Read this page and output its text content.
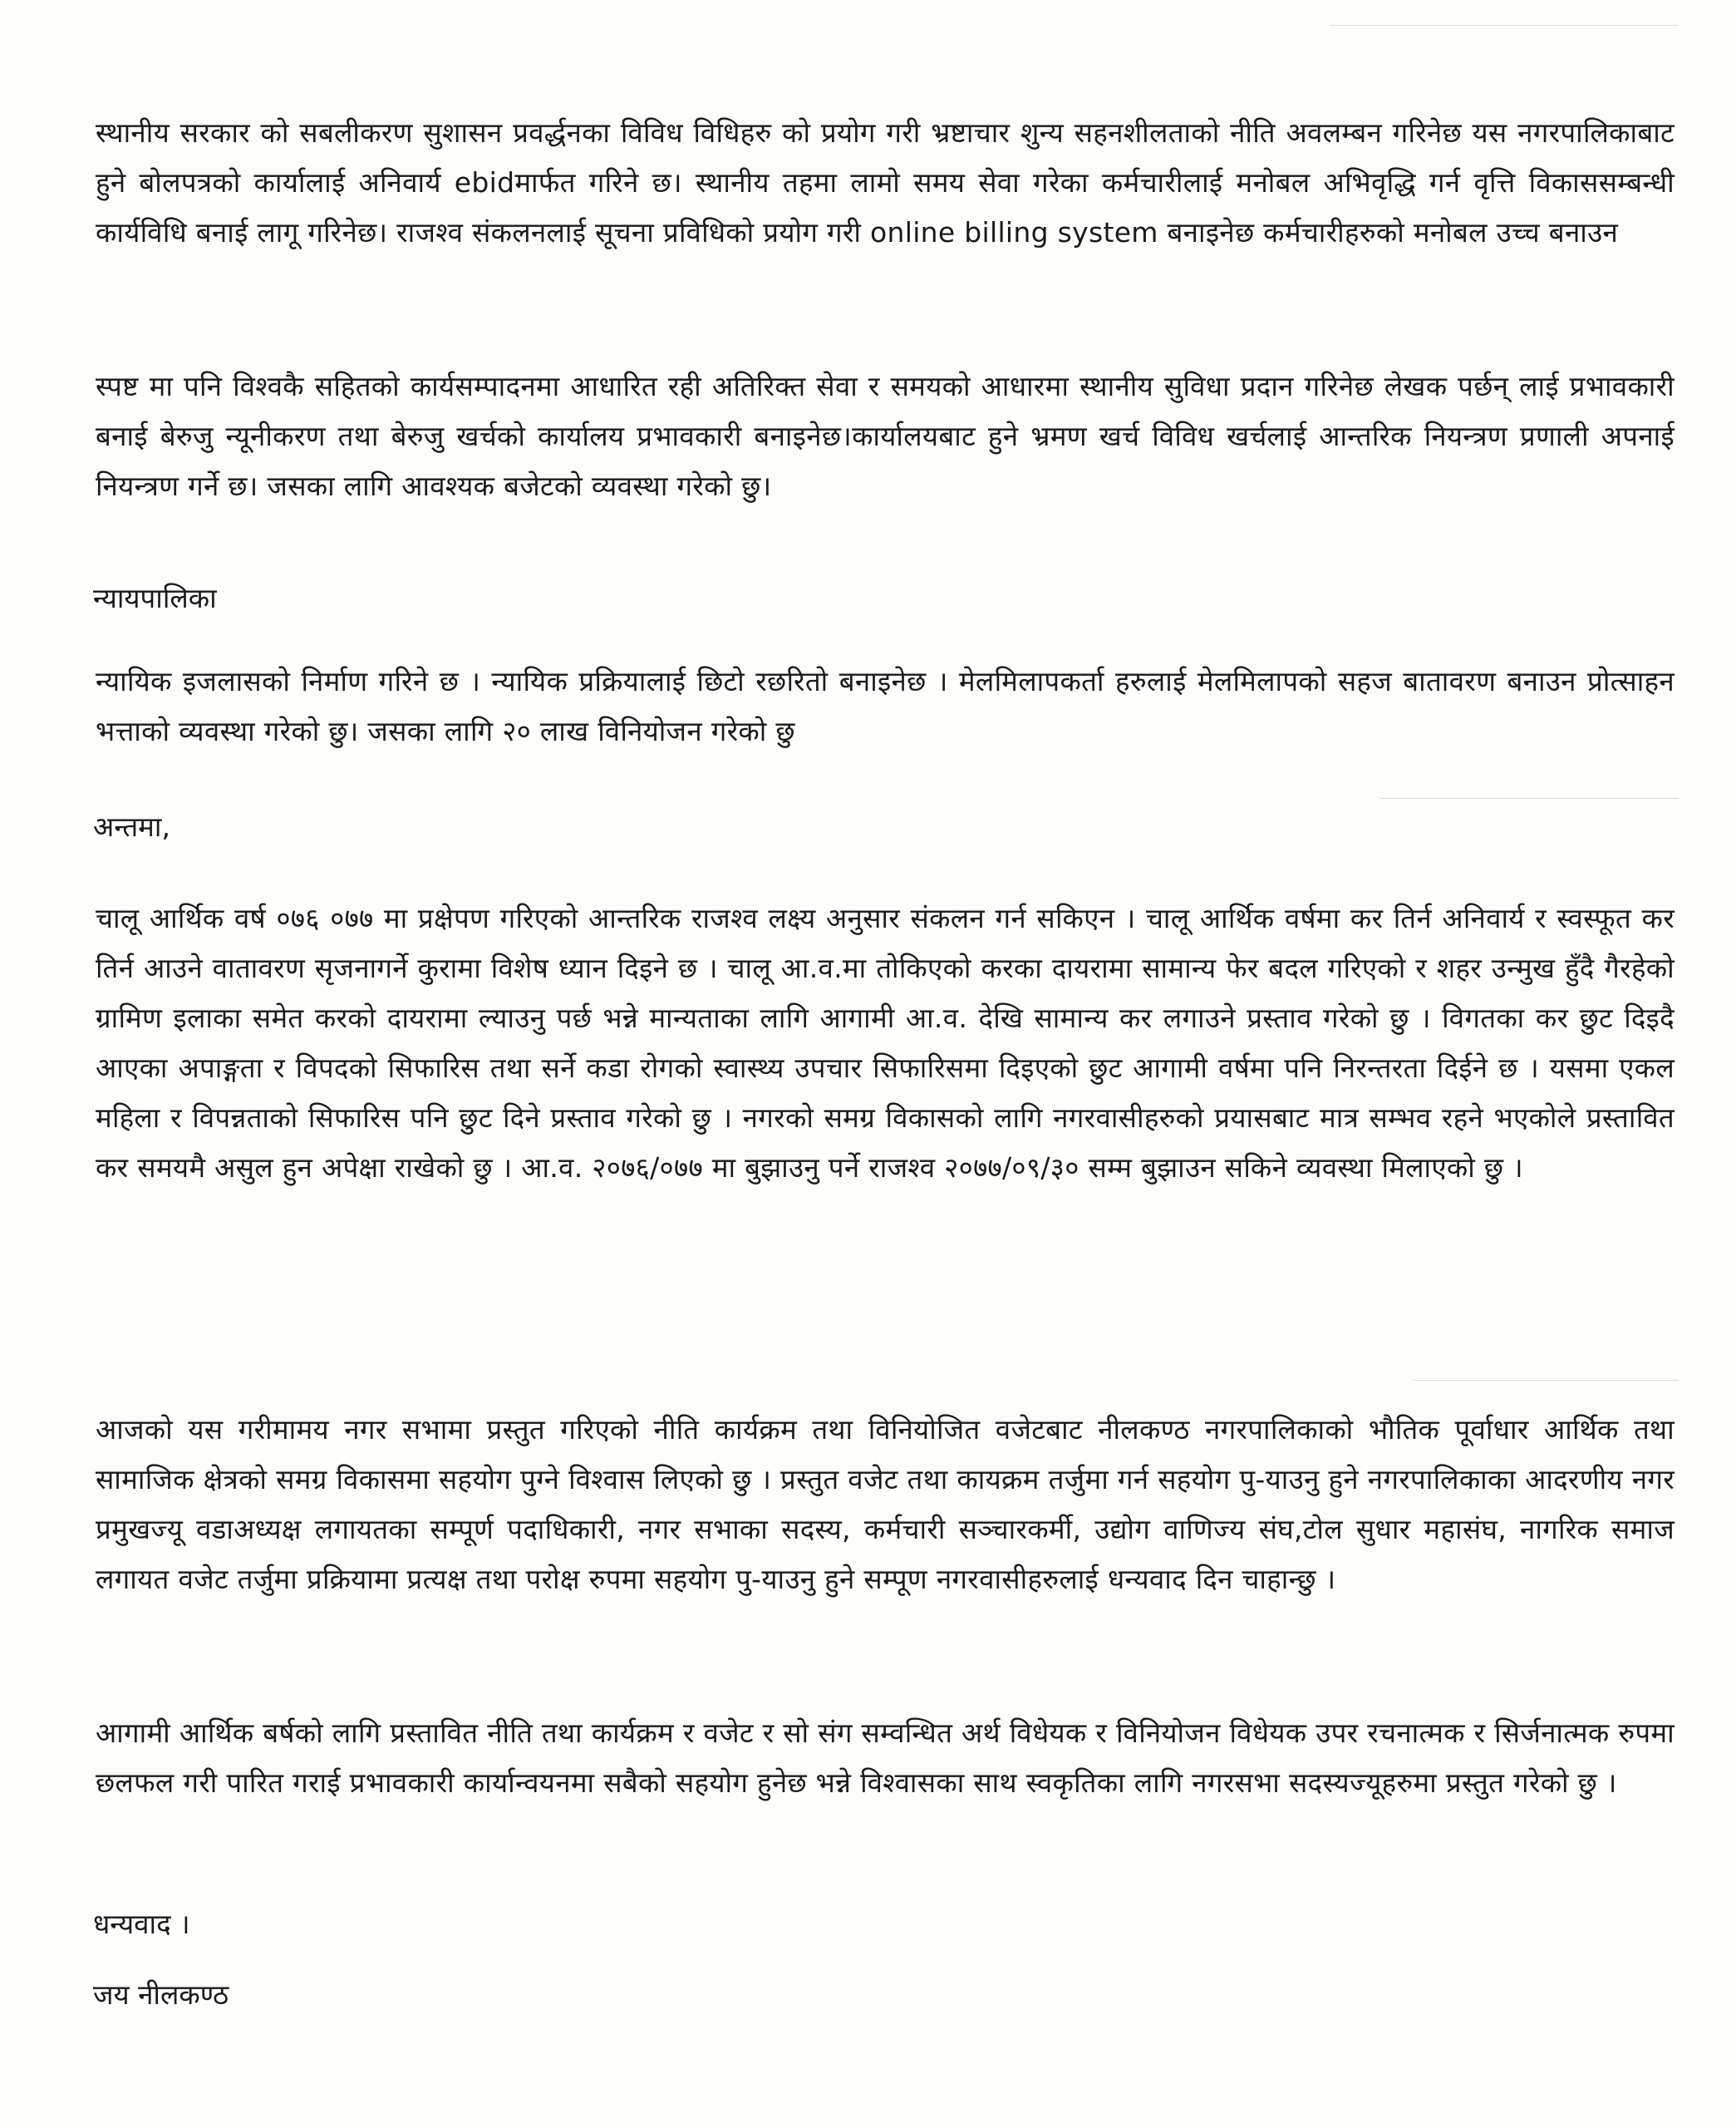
स्थानीय सरकार को सबलीकरण सुशासन प्रवर्द्धनका विविध विधिहरु को प्रयोग गरी भ्रष्टाचार शुन्य सहनशीलताको नीति अवलम्बन गरिनेछ यस नगरपालिकाबाट हुने बोलपत्रको कार्यालाई अनिवार्य ebidमार्फत गरिने छ। स्थानीय तहमा लामो समय सेवा गरेका कर्मचारीलाई मनोबल अभिवृद्धि गर्न वृत्ति विकाससम्बन्धी कार्यविधि बनाई लागू गरिनेछ। राजश्व संकलनलाई सूचना प्रविधिको प्रयोग गरी online billing system बनाइनेछ कर्मचारीहरुको मनोबल उच्च बनाउन
स्पष्ट मा पनि विश्वकै सहितको कार्यसम्पादनमा आधारित रही अतिरिक्त सेवा र समयको आधारमा स्थानीय सुविधा प्रदान गरिनेछ लेखक पर्छन् लाई प्रभावकारी बनाई बेरुजु न्यूनीकरण तथा बेरुजु खर्चको कार्यालय प्रभावकारी बनाइनेछ।कार्यालयबाट हुने भ्रमण खर्च विविध खर्चलाई आन्तरिक नियन्त्रण प्रणाली अपनाई नियन्त्रण गर्ने छ। जसका लागि आवश्यक बजेटको व्यवस्था गरेको छु।
न्यायपालिका
न्यायिक इजलासको निर्माण गरिने छ । न्यायिक प्रक्रियालाई छिटो रछरितो बनाइनेछ । मेलमिलापकर्ता हरुलाई मेलमिलापको सहज बातावरण बनाउन प्रोत्साहन भत्ताको व्यवस्था गरेको छु। जसका लागि २० लाख विनियोजन गरेको छु
अन्तमा,
चालू आर्थिक वर्ष ०७६ ०७७ मा प्रक्षेपण गरिएको आन्तरिक राजश्व लक्ष्य अनुसार संकलन गर्न सकिएन । चालू आर्थिक वर्षमा कर तिर्न अनिवार्य र स्वस्फूत कर तिर्न आउने वातावरण सृजनागर्ने कुरामा विशेष ध्यान दिइने छ । चालू आ.व.मा तोकिएको करका दायरामा सामान्य फेर बदल गरिएको र शहर उन्मुख हुँदै गैरहेको ग्रामिण इलाका समेत करको दायरामा ल्याउनु पर्छ भन्ने मान्यताका लागि आगामी आ.व. देखि सामान्य कर लगाउने प्रस्ताव गरेको छु । विगतका कर छुट दिइदै आएका अपाङ्गता र विपदको सिफारिस तथा सर्ने कडा रोगको स्वास्थ्य उपचार सिफारिसमा दिइएको छुट आगामी वर्षमा पनि निरन्तरता दिईने छ । यसमा एकल महिला र विपन्नताको सिफारिस पनि छुट दिने प्रस्ताव गरेको छु । नगरको समग्र विकासको लागि नगरवासीहरुको प्रयासबाट मात्र सम्भव रहने भएकोले प्रस्तावित कर समयमै असुल हुन अपेक्षा राखेको छु । आ.व. २०७६/०७७ मा बुझाउनु पर्ने राजश्व २०७७/०९/३० सम्म बुझाउन सकिने व्यवस्था मिलाएको छु ।
आजको यस गरीमामय नगर सभामा प्रस्तुत गरिएको नीति कार्यक्रम तथा विनियोजित वजेटबाट नीलकण्ठ नगरपालिकाको भौतिक पूर्वाधार आर्थिक तथा सामाजिक क्षेत्रको समग्र विकासमा सहयोग पुग्ने विश्वास लिएको छु । प्रस्तुत वजेट तथा कायक्रम तर्जुमा गर्न सहयोग पु-याउनु हुने नगरपालिकाका आदरणीय नगर प्रमुखज्यू वडाअध्यक्ष लगायतका सम्पूर्ण पदाधिकारी, नगर सभाका सदस्य, कर्मचारी सञ्चारकर्मी, उद्योग वाणिज्य संघ,टोल सुधार महासंघ, नागरिक समाज लगायत वजेट तर्जुमा प्रक्रियामा प्रत्यक्ष तथा परोक्ष रुपमा सहयोग पु-याउनु हुने सम्पूण नगरवासीहरुलाई धन्यवाद दिन चाहान्छु ।
आगामी आर्थिक बर्षको लागि प्रस्तावित नीति तथा कार्यक्रम र वजेट र सो संग सम्वन्धित अर्थ विधेयक र विनियोजन विधेयक उपर रचनात्मक र सिर्जनात्मक रुपमा छलफल गरी पारित गराई प्रभावकारी कार्यान्वयनमा सबैको सहयोग हुनेछ भन्ने विश्वासका साथ स्वकृतिका लागि नगरसभा सदस्यज्यूहरुमा प्रस्तुत गरेको छु ।
धन्यवाद ।
जय नीलकण्ठ
